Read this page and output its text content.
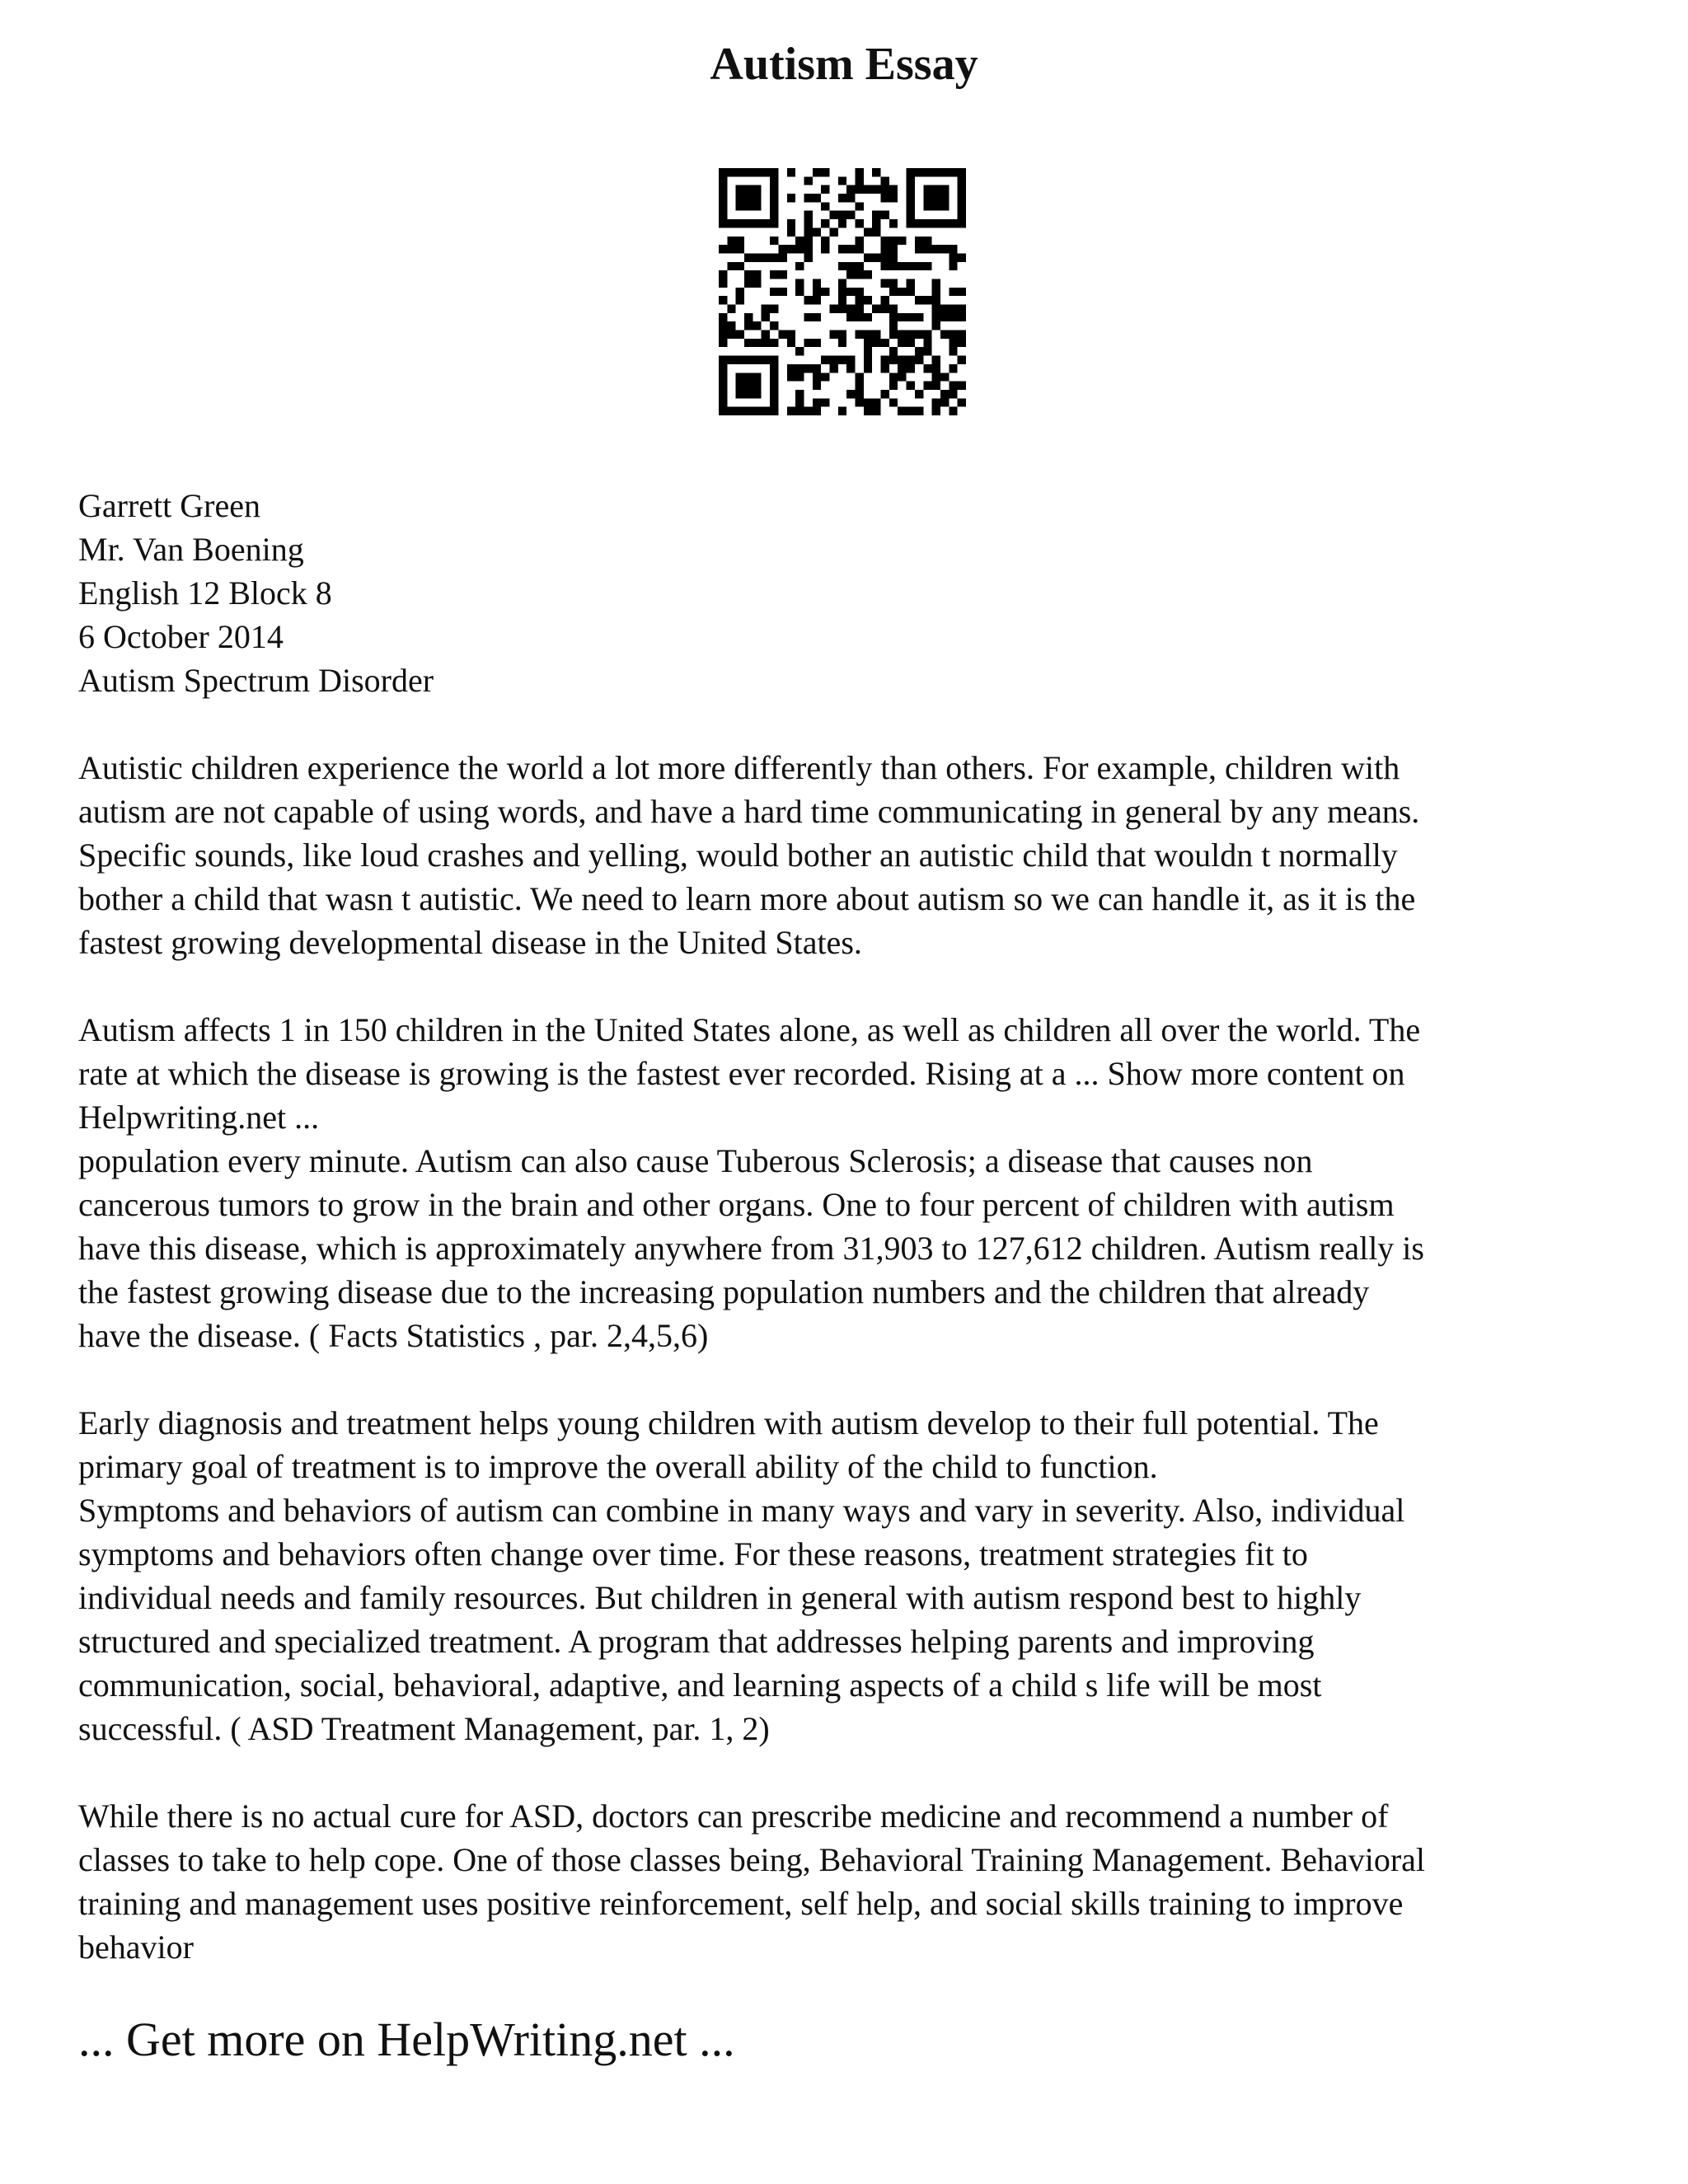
Autism Essay
Garrett Green
Mr. Van Boening
English 12 Block 8
6 October 2014
Autism Spectrum Disorder

Autistic children experience the world a lot more differently than others. For example, children with
autism are not capable of using words, and have a hard time communicating in general by any means.
Specific sounds, like loud crashes and yelling, would bother an autistic child that wouldn t normally
bother a child that wasn t autistic. We need to learn more about autism so we can handle it, as it is the
fastest growing developmental disease in the United States.

Autism affects 1 in 150 children in the United States alone, as well as children all over the world. The
rate at which the disease is growing is the fastest ever recorded. Rising at a ... Show more content on
Helpwriting.net ...

population every minute. Autism can also cause Tuberous Sclerosis; a disease that causes non
cancerous tumors to grow in the brain and other organs. One to four percent of children with autism
have this disease, which is approximately anywhere from 31,903 to 127,612 children. Autism really is
the fastest growing disease due to the increasing population numbers and the children that already
have the disease. ( Facts Statistics , par. 2,4,5,6)

Early diagnosis and treatment helps young children with autism develop to their full potential. The
primary goal of treatment is to improve the overall ability of the child to function.

Symptoms and behaviors of autism can combine in many ways and vary in severity. Also, individual
symptoms and behaviors often change over time. For these reasons, treatment strategies fit to
individual needs and family resources. But children in general with autism respond best to highly
structured and specialized treatment. A program that addresses helping parents and improving
communication, social, behavioral, adaptive, and learning aspects of a child s life will be most
successful. ( ASD Treatment Management, par. 1, 2)

While there is no actual cure for ASD, doctors can prescribe medicine and recommend a number of
classes to take to help cope. One of those classes being, Behavioral Training Management. Behavioral
training and management uses positive reinforcement, self help, and social skills training to improve
behavior

... Get more on HelpWriting.net ...
